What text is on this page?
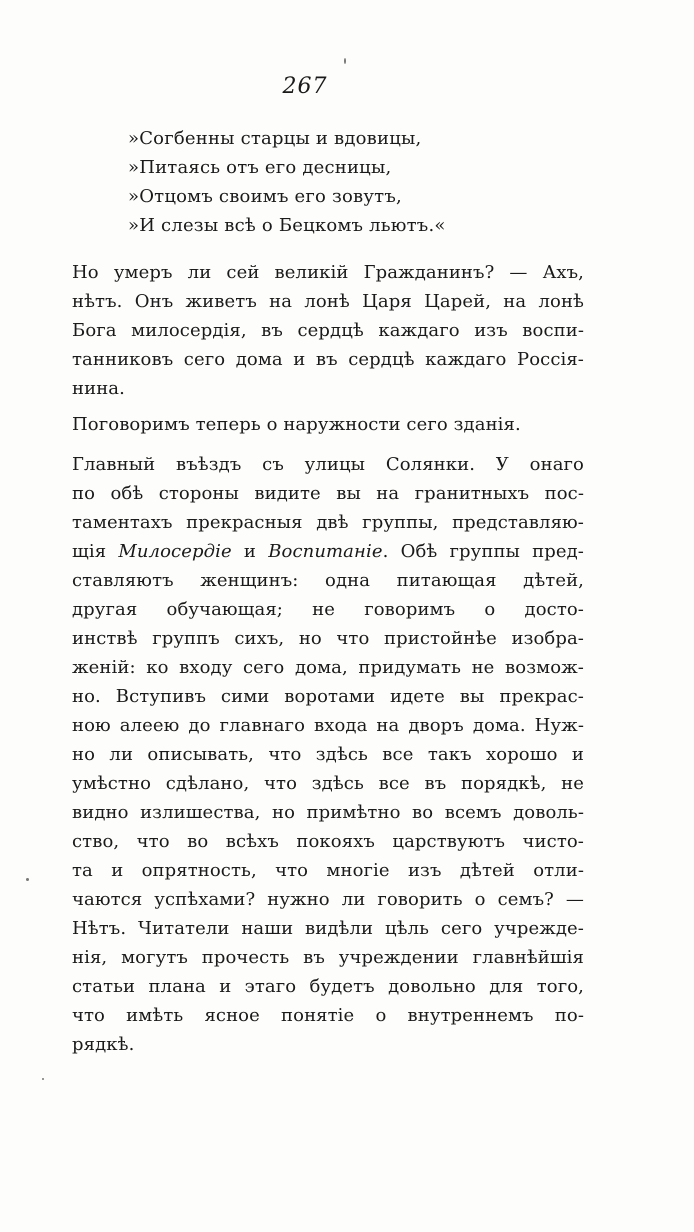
267
»Согбенны старцы и вдовицы,
»Питаясь отъ его десницы,
»Отцомъ своимъ его зовутъ,
»И слезы всѣ о Бецкомъ льютъ.«
Но умеръ ли сей великій Гражданинъ? — Ахъ,
нѣтъ. Онъ живетъ на лонѣ Царя Царей, на лонѣ
Бога милосердія, въ сердцѣ каждаго изъ воспи-
танниковъ сего дома и въ сердцѣ каждаго Россія-
нина.
Поговоримъ теперь о наружности сего зданія.
Главный въѣздъ съ улицы Солянки. У онаго
по обѣ стороны видите вы на гранитныхъ пос-
таментахъ прекрасныя двѣ группы, представляю-
щія Милосердіе и Воспитаніе. Обѣ группы пред-
ставляютъ женщинъ: одна питающая дѣтей,
другая обучающая; не говоримъ о досто-
инствѣ группъ сихъ, но что пристойнѣе изобра-
женій: ко входу сего дома, придумать не возмож-
но. Вступивъ сими воротами идете вы прекрас-
ною алеею до главнаго входа на дворъ дома. Нуж-
но ли описывать, что здѣсь все такъ хорошо и
умѣстно сдѣлано, что здѣсь все въ порядкѣ, не
видно излишества, но примѣтно во всемъ доволь-
ство, что во всѣхъ покояхъ царствуютъ чисто-
та и опрятность, что многіе изъ дѣтей отли-
чаются успѣхами? нужно ли говорить о семъ? —
Нѣтъ. Читатели наши видѣли цѣль сего учрежде-
нія, могутъ прочесть въ учреждении главнѣйшія
статьи плана и этаго будетъ довольно для того,
что имѣть ясное понятіе о внутреннемъ по-
рядкѣ.
